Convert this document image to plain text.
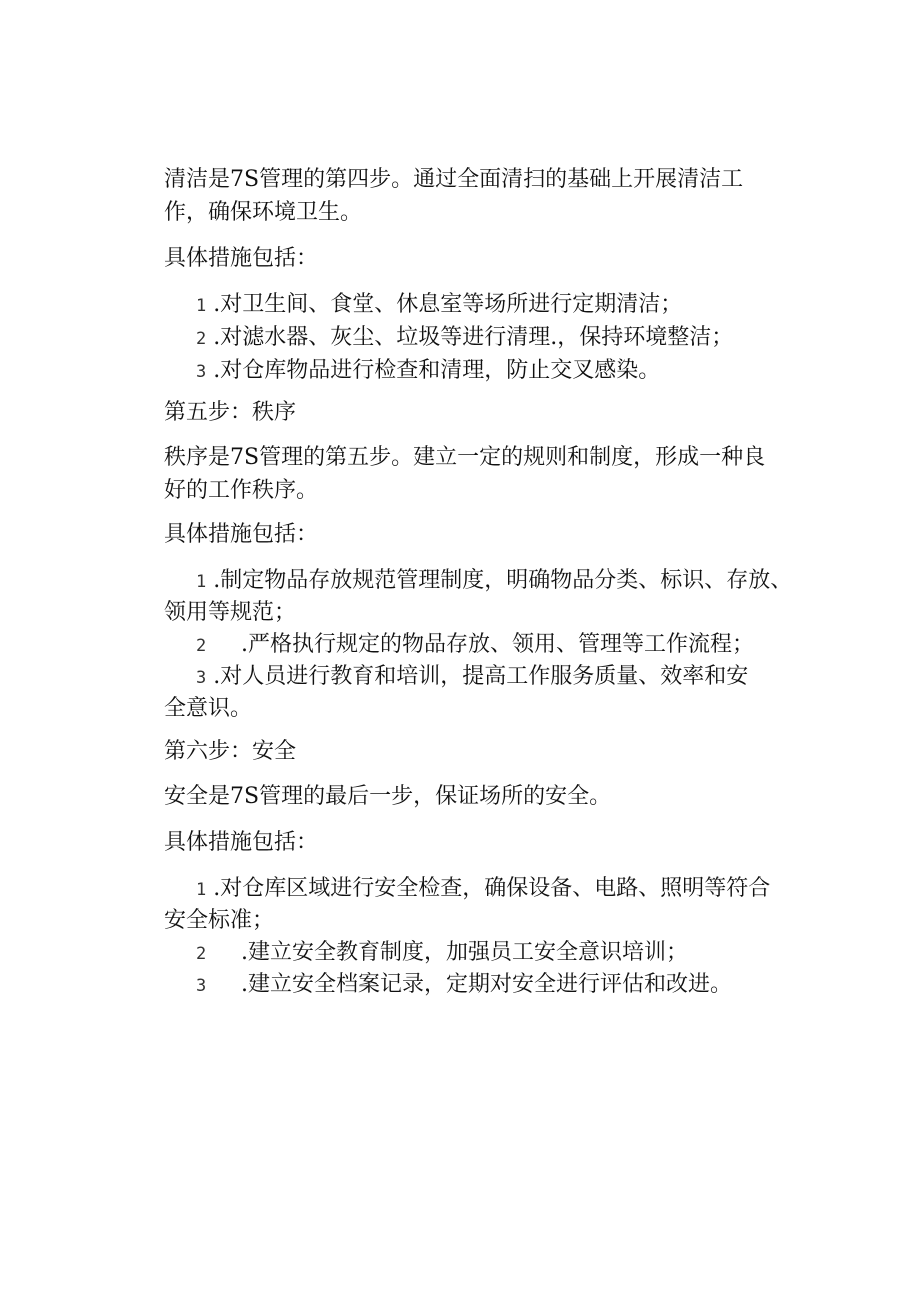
清洁是7S管理的第四步。通过全面清扫的基础上开展清洁工
作，确保环境卫生。
具体措施包括：
1 .对卫生间、食堂、休息室等场所进行定期清洁；
2 .对滤水器、灰尘、垃圾等进行清理.，保持环境整洁；
3 .对仓库物品进行检查和清理，防止交叉感染。
第五步：秩序
秩序是7S管理的第五步。建立一定的规则和制度，形成一种良
好的工作秩序。
具体措施包括：
1 .制定物品存放规范管理制度，明确物品分类、标识、存放、
领用等规范；
2 .严格执行规定的物品存放、领用、管理等工作流程；
3 .对人员进行教育和培训，提高工作服务质量、效率和安
全意识。
第六步：安全
安全是7S管理的最后一步，保证场所的安全。
具体措施包括：
1 .对仓库区域进行安全检查，确保设备、电路、照明等符合
安全标准；
2 .建立安全教育制度，加强员工安全意识培训；
3 .建立安全档案记录，定期对安全进行评估和改进。
